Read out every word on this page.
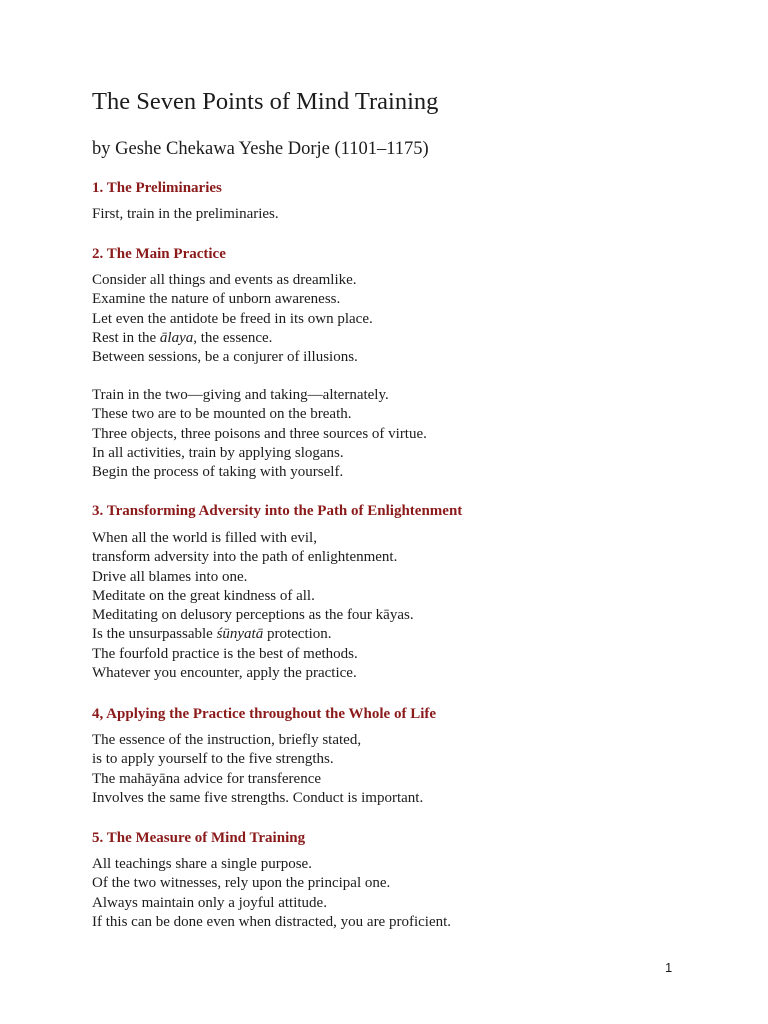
The Seven Points of Mind Training
by Geshe Chekawa Yeshe Dorje (1101–1175)
1. The Preliminaries
First, train in the preliminaries.
2. The Main Practice
Consider all things and events as dreamlike.
Examine the nature of unborn awareness.
Let even the antidote be freed in its own place.
Rest in the ālaya, the essence.
Between sessions, be a conjurer of illusions.
Train in the two—giving and taking—alternately.
These two are to be mounted on the breath.
Three objects, three poisons and three sources of virtue.
In all activities, train by applying slogans.
Begin the process of taking with yourself.
3. Transforming Adversity into the Path of Enlightenment
When all the world is filled with evil,
transform adversity into the path of enlightenment.
Drive all blames into one.
Meditate on the great kindness of all.
Meditating on delusory perceptions as the four kāyas.
Is the unsurpassable śūnyatā protection.
The fourfold practice is the best of methods.
Whatever you encounter, apply the practice.
4, Applying the Practice throughout the Whole of Life
The essence of the instruction, briefly stated,
is to apply yourself to the five strengths.
The mahāyāna advice for transference
Involves the same five strengths. Conduct is important.
5. The Measure of Mind Training
All teachings share a single purpose.
Of the two witnesses, rely upon the principal one.
Always maintain only a joyful attitude.
If this can be done even when distracted, you are proficient.
1
